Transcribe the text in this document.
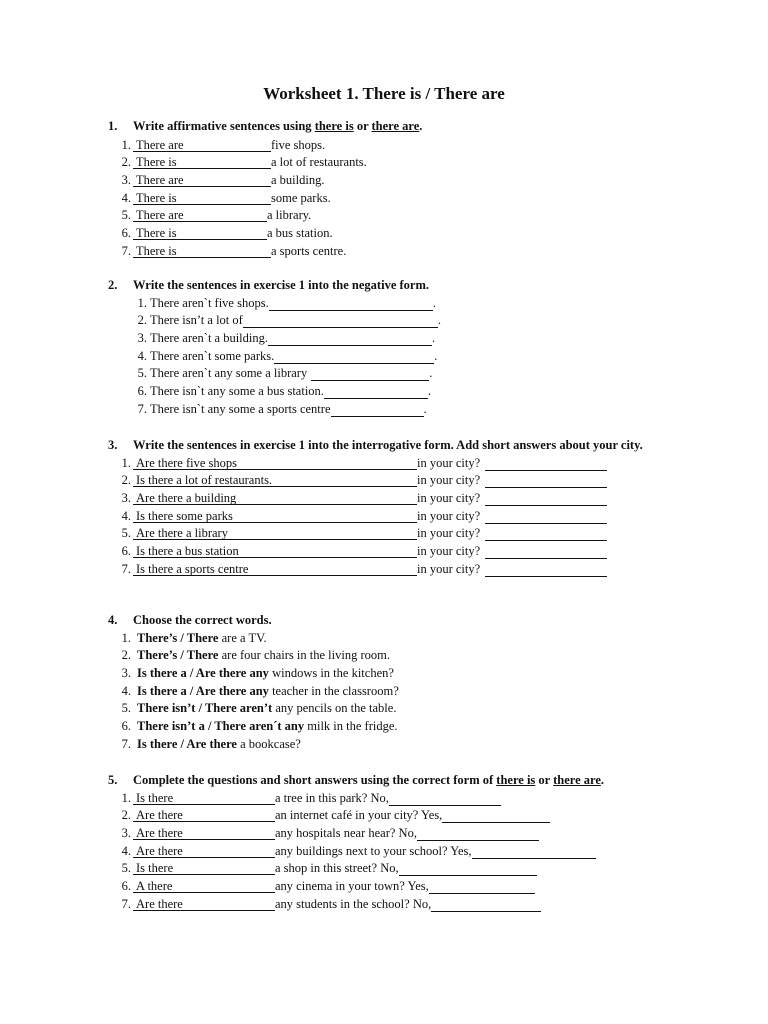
Worksheet 1. There is / There are
1.	Write affirmative sentences using there is or there are.
1. There are	five shops.
2. There is	a lot of restaurants.
3. There are	a building.
4. There is	some parks.
5. There are	a library.
6. There is	a bus station.
7. There is	a sports centre.
2.	Write the sentences in exercise 1 into the negative form.
1. There aren`t five shops.	.
2. There isn’t a lot of	.
3. There aren`t a building.	.
4. There aren`t some parks.	.
5. There aren`t any some a library	.
6. There isn`t any some a bus station.	.
7. There isn`t any some a sports centre	.
3.	Write the sentences in exercise 1 into the interrogative form. Add short answers about your city.
1. Are there five shops	in your city?
2. Is there a lot of restaurants.	in your city?
3. Are there a building	in your city?
4. Is there some parks	in your city?
5. Are there a library	in your city?
6. Is there a bus station	in your city?
7. Is there a sports centre	in your city?
4.	Choose the correct words.
1. There’s / There are a TV.
2. There’s / There are four chairs in the living room.
3. Is there a / Are there any windows in the kitchen?
4. Is there a / Are there any teacher in the classroom?
5. There isn’t / There aren’t any pencils on the table.
6. There isn’t a / There aren´t any milk in the fridge.
7. Is there / Are there a bookcase?
5.	Complete the questions and short answers using the correct form of there is or there are.
1. Is there	a tree in this park? No,
2. Are there	an internet café in your city? Yes,
3. Are there	any hospitals near hear? No,
4. Are there	any buildings next to your school? Yes,
5. Is there	a shop in this street? No,
6. A there	any cinema in your town? Yes,
7. Are there	any students in the school? No,
